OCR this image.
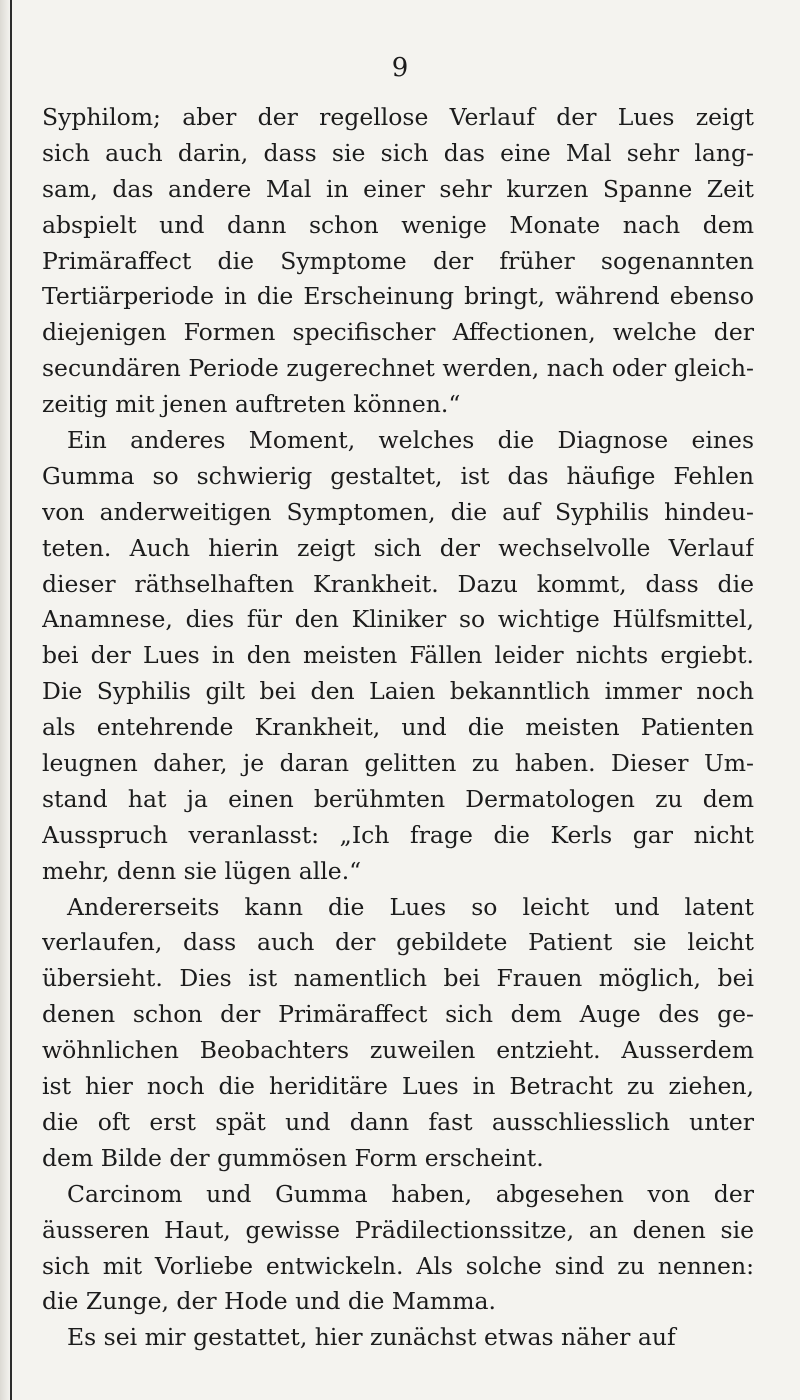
9
Syphilom; aber der regellose Verlauf der Lues zeigt
sich auch darin, dass sie sich das eine Mal sehr lang-
sam, das andere Mal in einer sehr kurzen Spanne Zeit
abspielt und dann schon wenige Monate nach dem
Primäraffect die Symptome der früher sogenannten
Tertiärperiode in die Erscheinung bringt, während ebenso
diejenigen Formen specifischer Affectionen, welche der
secundären Periode zugerechnet werden, nach oder gleich-
zeitig mit jenen auftreten können.“
Ein anderes Moment, welches die Diagnose eines
Gumma so schwierig gestaltet, ist das häufige Fehlen
von anderweitigen Symptomen, die auf Syphilis hindeu-
teten. Auch hierin zeigt sich der wechselvolle Verlauf
dieser räthselhaften Krankheit. Dazu kommt, dass die
Anamnese, dies für den Kliniker so wichtige Hülfsmittel,
bei der Lues in den meisten Fällen leider nichts ergiebt.
Die Syphilis gilt bei den Laien bekanntlich immer noch
als entehrende Krankheit, und die meisten Patienten
leugnen daher, je daran gelitten zu haben. Dieser Um-
stand hat ja einen berühmten Dermatologen zu dem
Ausspruch veranlasst: „Ich frage die Kerls gar nicht
mehr, denn sie lügen alle.“
Andererseits kann die Lues so leicht und latent
verlaufen, dass auch der gebildete Patient sie leicht
übersieht. Dies ist namentlich bei Frauen möglich, bei
denen schon der Primäraffect sich dem Auge des ge-
wöhnlichen Beobachters zuweilen entzieht. Ausserdem
ist hier noch die heriditäre Lues in Betracht zu ziehen,
die oft erst spät und dann fast ausschliesslich unter
dem Bilde der gummösen Form erscheint.
Carcinom und Gumma haben, abgesehen von der
äusseren Haut, gewisse Prädilectionssitze, an denen sie
sich mit Vorliebe entwickeln. Als solche sind zu nennen:
die Zunge, der Hode und die Mamma.
Es sei mir gestattet, hier zunächst etwas näher auf
